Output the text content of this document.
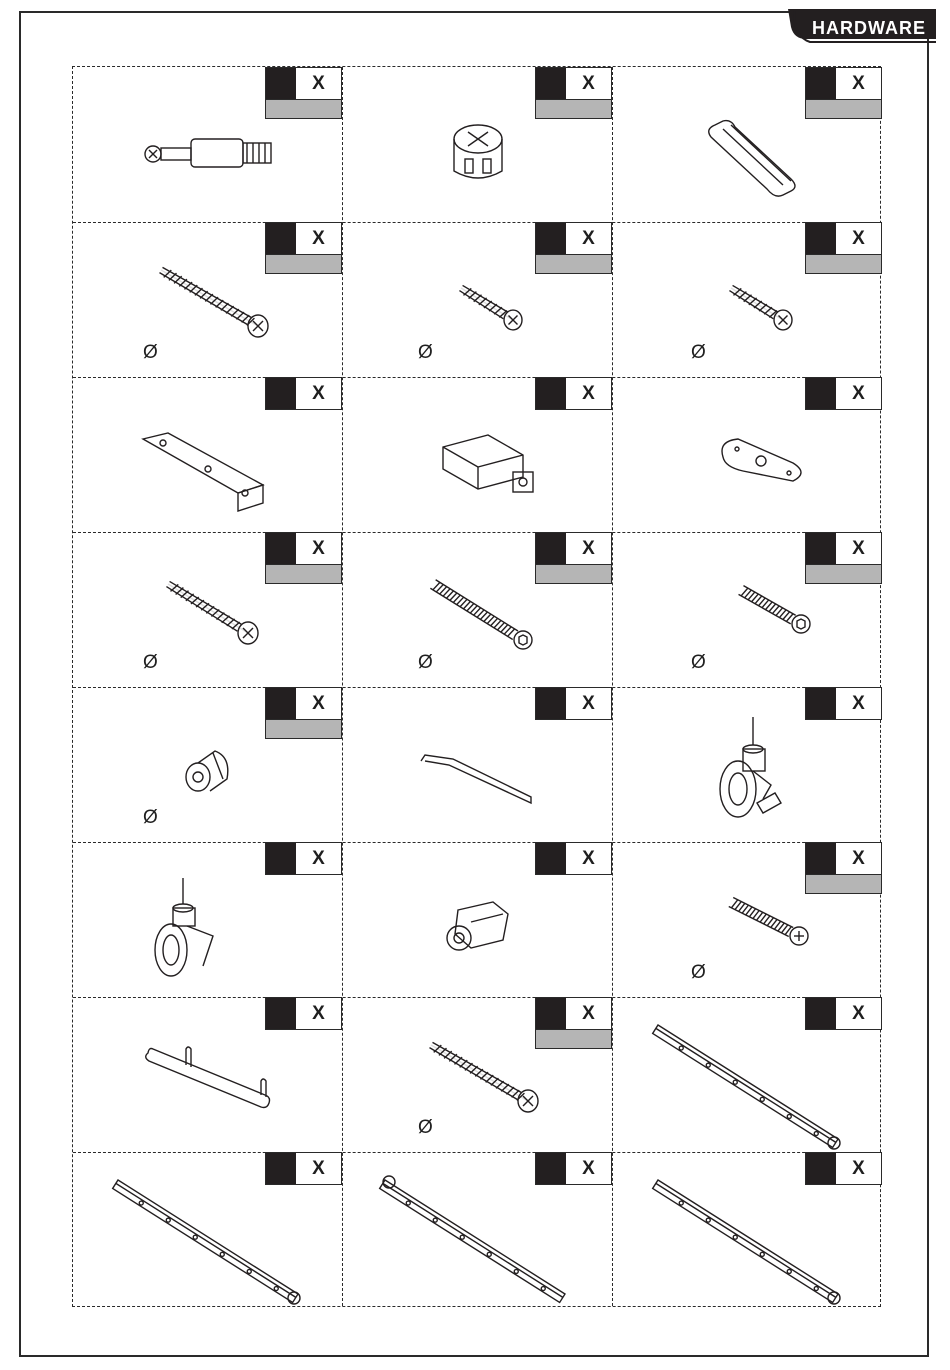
HARDWARE
X	X	X
X
Ø
X
Ø
X
Ø
X	X	X
X
Ø
X
Ø
X
Ø
X
Ø
X	X
X	X	X
Ø
X	X
Ø
X
X	X	X
